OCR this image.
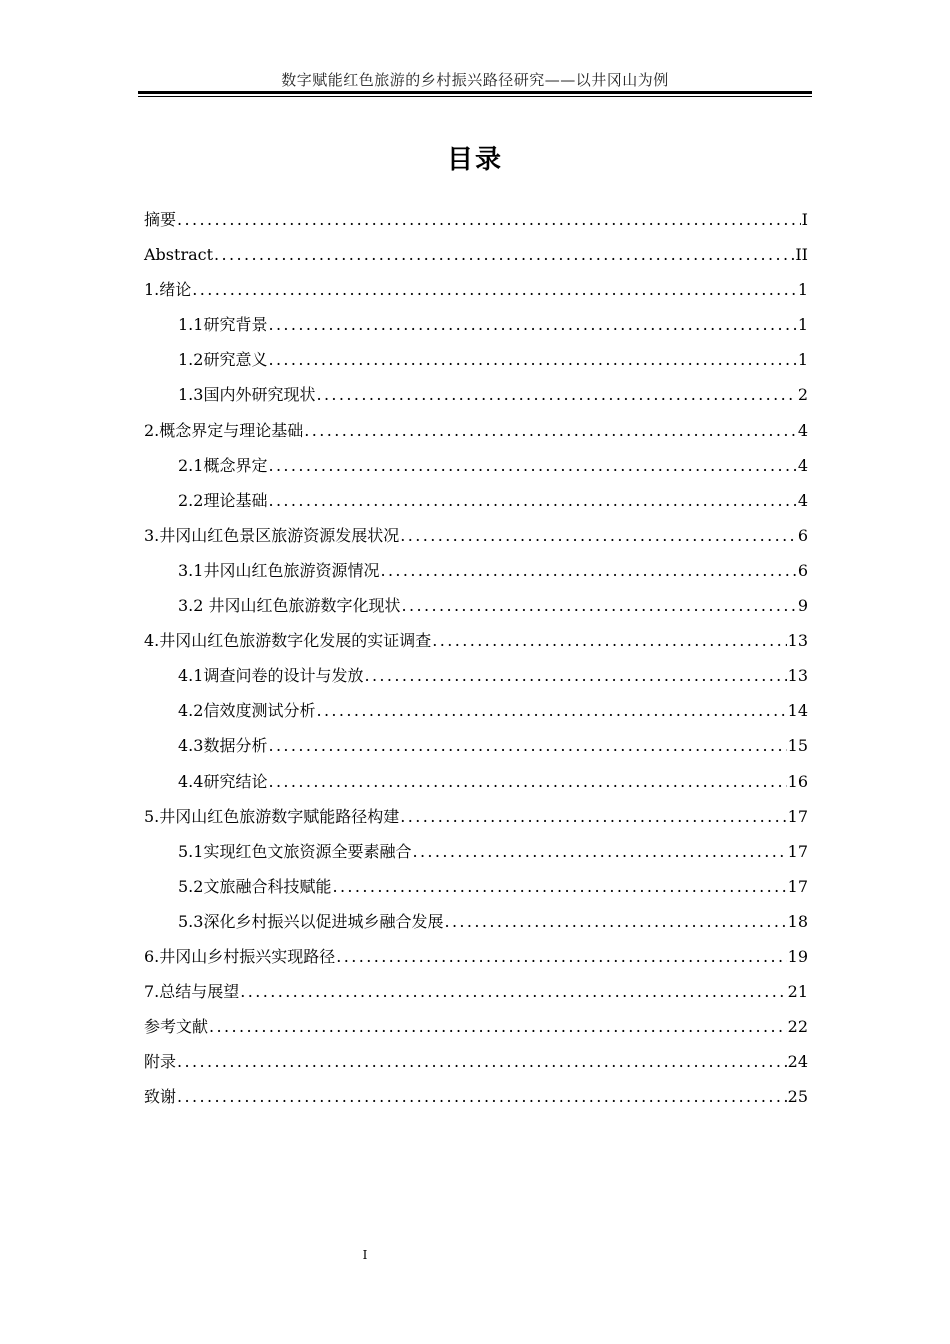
数字赋能红色旅游的乡村振兴路径研究——以井冈山为例
目录
摘要 .....	I
Abstract .....	II
1.绪论 .....	1
1.1研究背景 .....	1
1.2研究意义 .....	1
1.3国内外研究现状 .....	2
2.概念界定与理论基础 .....	4
2.1概念界定 .....	4
2.2理论基础 .....	4
3.井冈山红色景区旅游资源发展状况 .....	6
3.1井冈山红色旅游资源情况 .....	6
3.2 井冈山红色旅游数字化现状 .....	9
4.井冈山红色旅游数字化发展的实证调查 .....	13
4.1调查问卷的设计与发放 .....	13
4.2信效度测试分析 .....	14
4.3数据分析 .....	15
4.4研究结论 .....	16
5.井冈山红色旅游数字赋能路径构建 .....	17
5.1实现红色文旅资源全要素融合 .....	17
5.2文旅融合科技赋能 .....	17
5.3深化乡村振兴以促进城乡融合发展 .....	18
6.井冈山乡村振兴实现路径 .....	19
7.总结与展望 .....	21
参考文献 .....	22
附录 .....	24
致谢 .....	25
I
